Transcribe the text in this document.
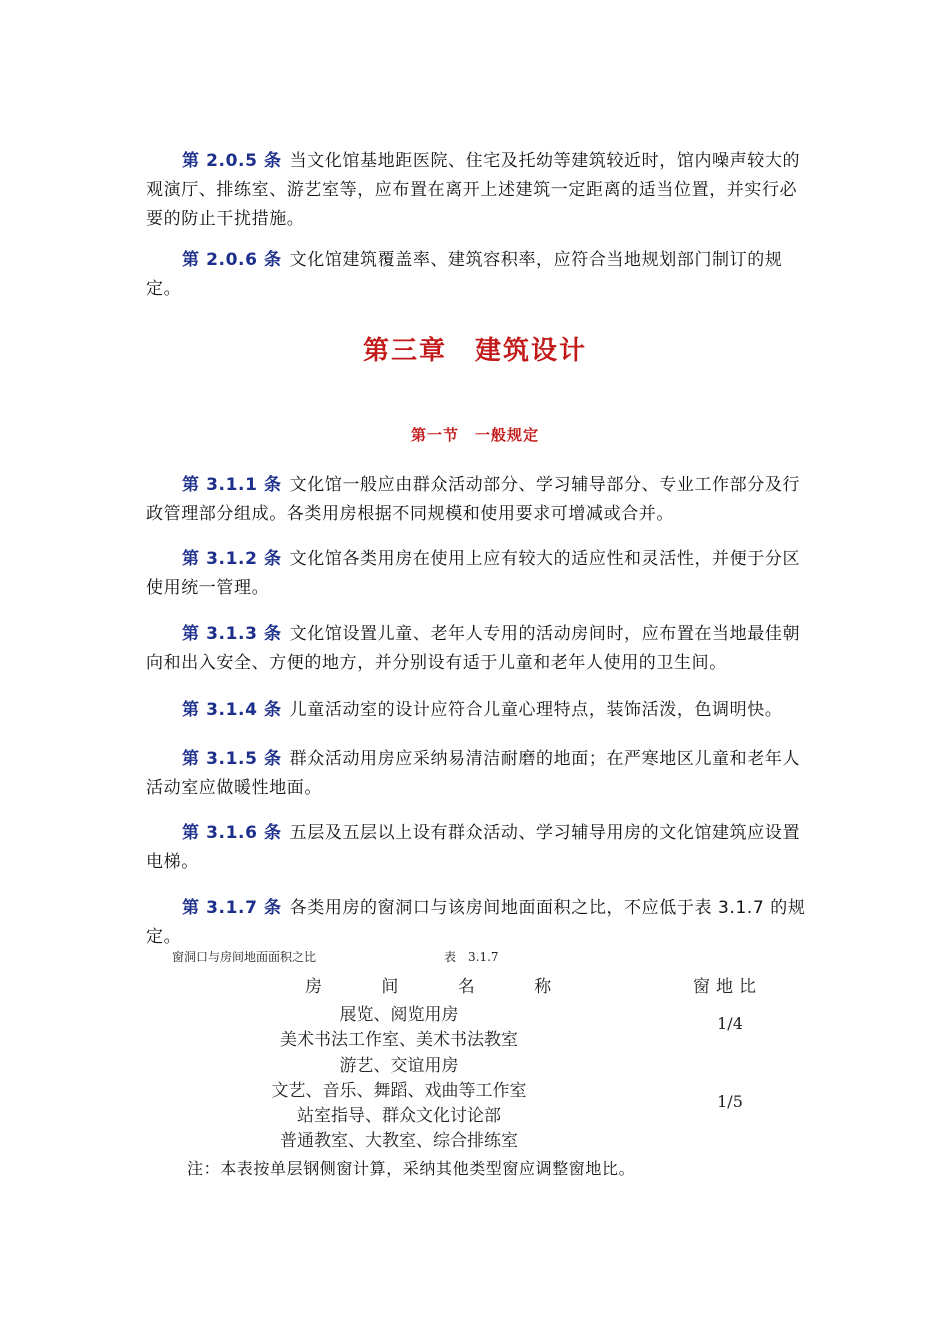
第 2.0.5 条 当文化馆基地距医院、住宅及托幼等建筑较近时，馆内噪声较大的观演厅、排练室、游艺室等，应布置在离开上述建筑一定距离的适当位置，并实行必要的防止干扰措施。
第 2.0.6 条 文化馆建筑覆盖率、建筑容积率，应符合当地规划部门制订的规定。
第三章　建筑设计
第一节　一般规定
第 3.1.1 条 文化馆一般应由群众活动部分、学习辅导部分、专业工作部分及行政管理部分组成。各类用房根据不同规模和使用要求可增减或合并。
第 3.1.2 条 文化馆各类用房在使用上应有较大的适应性和灵活性，并便于分区使用统一管理。
第 3.1.3 条 文化馆设置儿童、老年人专用的活动房间时，应布置在当地最佳朝向和出入安全、方便的地方，并分别设有适于儿童和老年人使用的卫生间。
第 3.1.4 条 儿童活动室的设计应符合儿童心理特点，装饰活泼，色调明快。
第 3.1.5 条 群众活动用房应采纳易清洁耐磨的地面；在严寒地区儿童和老年人活动室应做暖性地面。
第 3.1.6 条 五层及五层以上设有群众活动、学习辅导用房的文化馆建筑应设置电梯。
第 3.1.7 条 各类用房的窗洞口与该房间地面面积之比，不应低于表 3.1.7 的规定。
窗洞口与房间地面面积之比	表　3.1.7
房 间 名 称	窗地比
展览、阅览用房
美术书法工作室、美术书法教室
游艺、交谊用房
文艺、音乐、舞蹈、戏曲等工作室
站室指导、群众文化讨论部
普通教室、大教室、综合排练室
1/4
1/5
注：本表按单层钢侧窗计算，采纳其他类型窗应调整窗地比。
